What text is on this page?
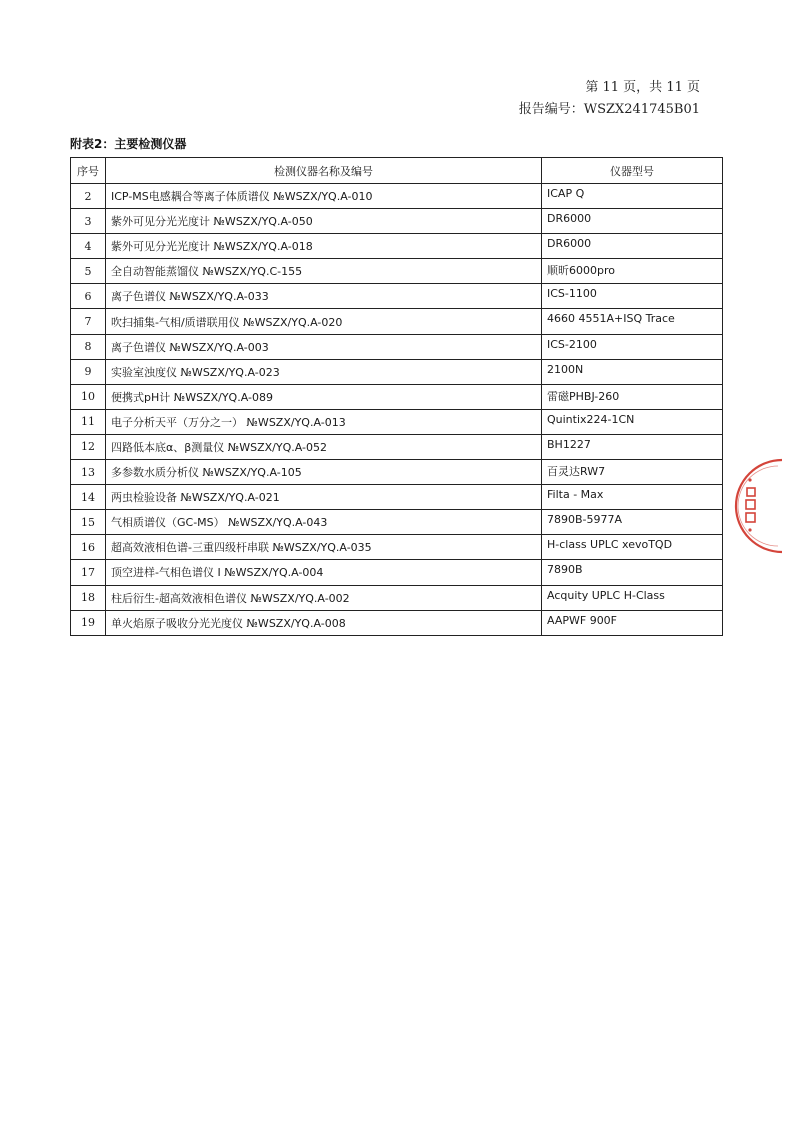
第 11 页，共 11 页
报告编号：WSZX241745B01
附表2：主要检测仪器
序号	检测仪器名称及编号	仪器型号
2	ICP-MS电感耦合等离子体质谱仪 №WSZX/YQ.A-010	ICAP Q
3	紫外可见分光光度计 №WSZX/YQ.A-050	DR6000
4	紫外可见分光光度计 №WSZX/YQ.A-018	DR6000
5	全自动智能蒸馏仪 №WSZX/YQ.C-155	顺昕6000pro
6	离子色谱仪 №WSZX/YQ.A-033	ICS-1100
7	吹扫捕集-气相/质谱联用仪 №WSZX/YQ.A-020	4660 4551A+ISQ Trace
8	离子色谱仪 №WSZX/YQ.A-003	ICS-2100
9	实验室浊度仪 №WSZX/YQ.A-023	2100N
10	便携式pH计 №WSZX/YQ.A-089	雷磁PHBJ-260
11	电子分析天平（万分之一） №WSZX/YQ.A-013	Quintix224-1CN
12	四路低本底α、β测量仪 №WSZX/YQ.A-052	BH1227
13	多参数水质分析仪 №WSZX/YQ.A-105	百灵达RW7
14	两虫检验设备 №WSZX/YQ.A-021	Filta - Max
15	气相质谱仪（GC-MS） №WSZX/YQ.A-043	7890B-5977A
16	超高效液相色谱-三重四级杆串联 №WSZX/YQ.A-035	H-class UPLC xevoTQD
17	顶空进样-气相色谱仪 I №WSZX/YQ.A-004	7890B
18	柱后衍生-超高效液相色谱仪 №WSZX/YQ.A-002	Acquity UPLC H-Class
19	单火焰原子吸收分光光度仪 №WSZX/YQ.A-008	AAPWF 900F
